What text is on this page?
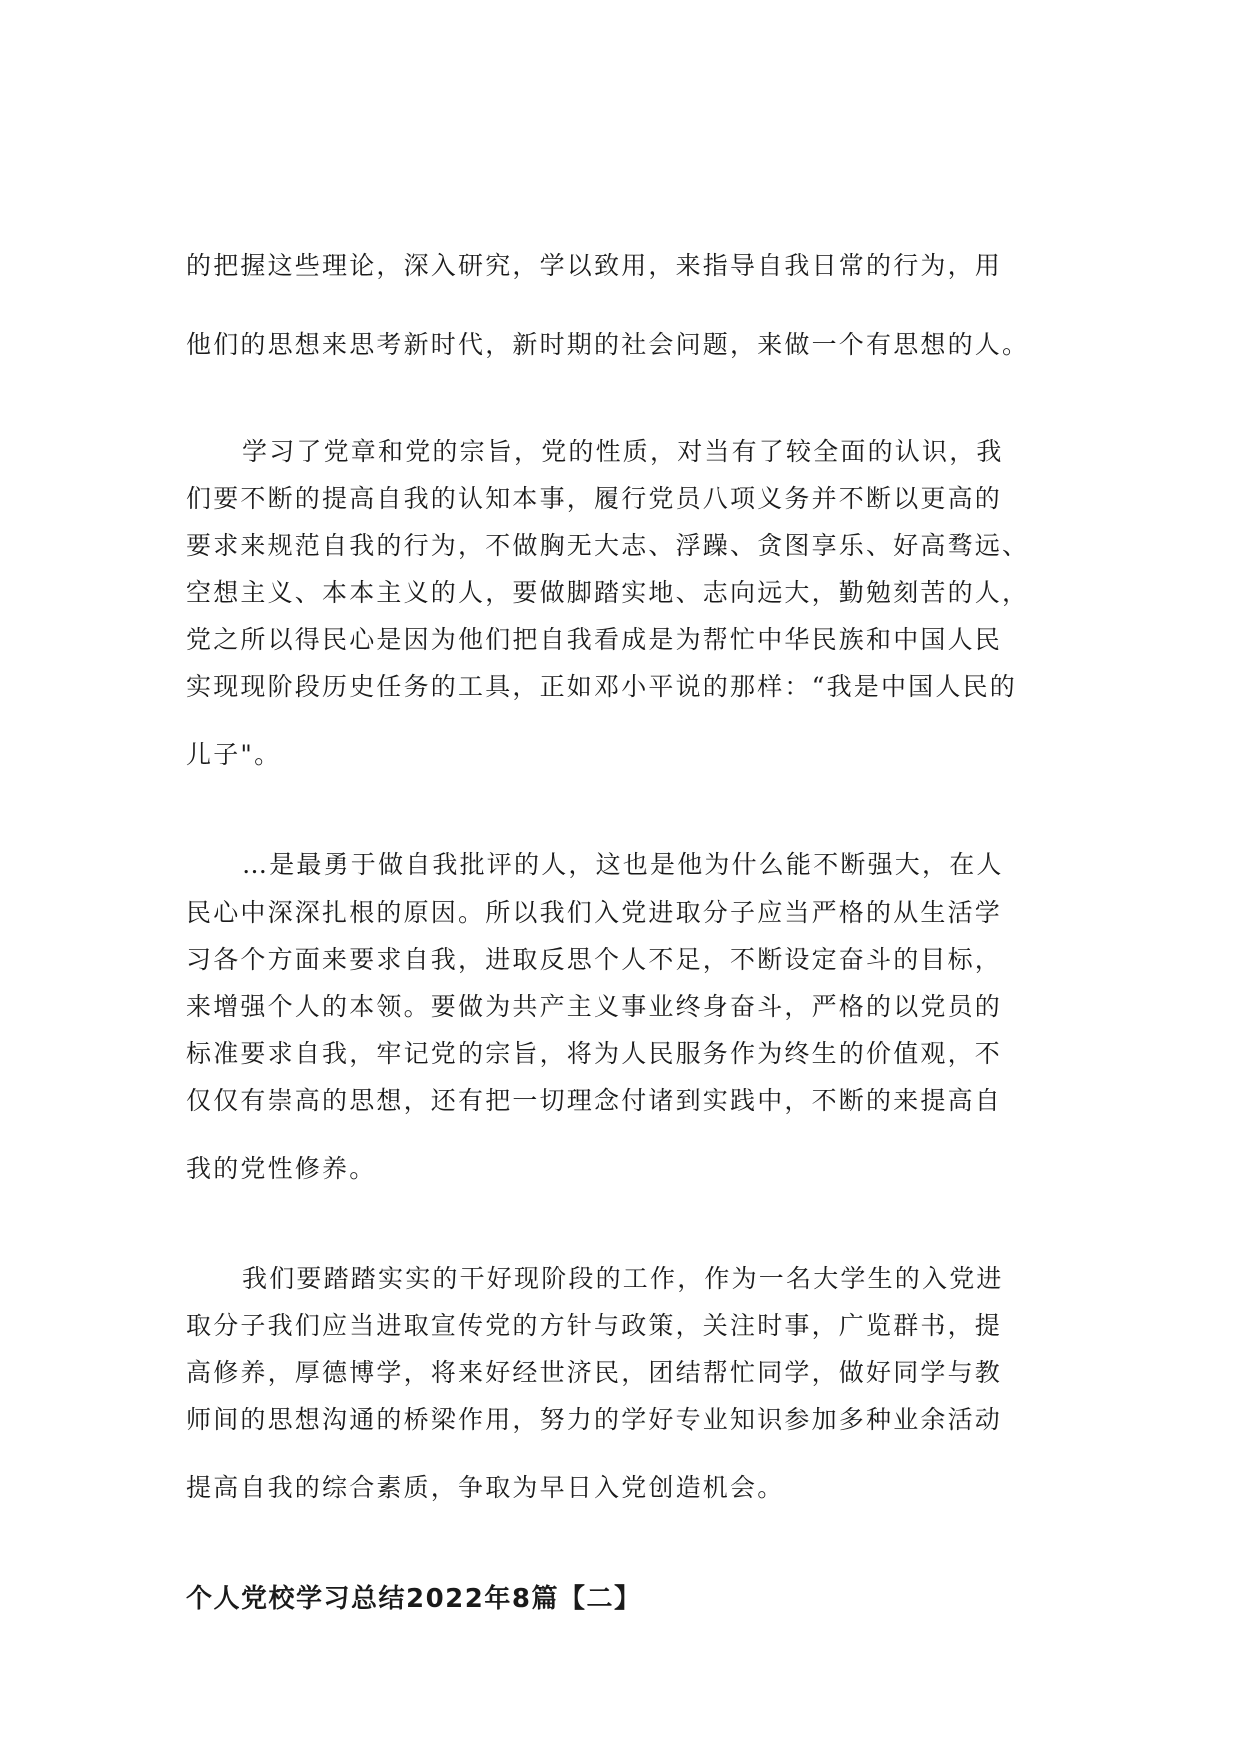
的把握这些理论，深入研究，学以致用，来指导自我日常的行为，用
他们的思想来思考新时代，新时期的社会问题，来做一个有思想的人。
学习了党章和党的宗旨，党的性质，对当有了较全面的认识，我
们要不断的提高自我的认知本事，履行党员八项义务并不断以更高的
要求来规范自我的行为，不做胸无大志、浮躁、贪图享乐、好高骛远、
空想主义、本本主义的人，要做脚踏实地、志向远大，勤勉刻苦的人，
党之所以得民心是因为他们把自我看成是为帮忙中华民族和中国人民
实现现阶段历史任务的工具，正如邓小平说的那样：“我是中国人民的
儿子"。
…是最勇于做自我批评的人，这也是他为什么能不断强大，在人
民心中深深扎根的原因。所以我们入党进取分子应当严格的从生活学
习各个方面来要求自我，进取反思个人不足，不断设定奋斗的目标，
来增强个人的本领。要做为共产主义事业终身奋斗，严格的以党员的
标准要求自我，牢记党的宗旨，将为人民服务作为终生的价值观，不
仅仅有崇高的思想，还有把一切理念付诸到实践中，不断的来提高自
我的党性修养。
我们要踏踏实实的干好现阶段的工作，作为一名大学生的入党进
取分子我们应当进取宣传党的方针与政策，关注时事，广览群书，提
高修养，厚德博学，将来好经世济民，团结帮忙同学，做好同学与教
师间的思想沟通的桥梁作用，努力的学好专业知识参加多种业余活动
提高自我的综合素质，争取为早日入党创造机会。
个人党校学习总结2022年8篇【二】
